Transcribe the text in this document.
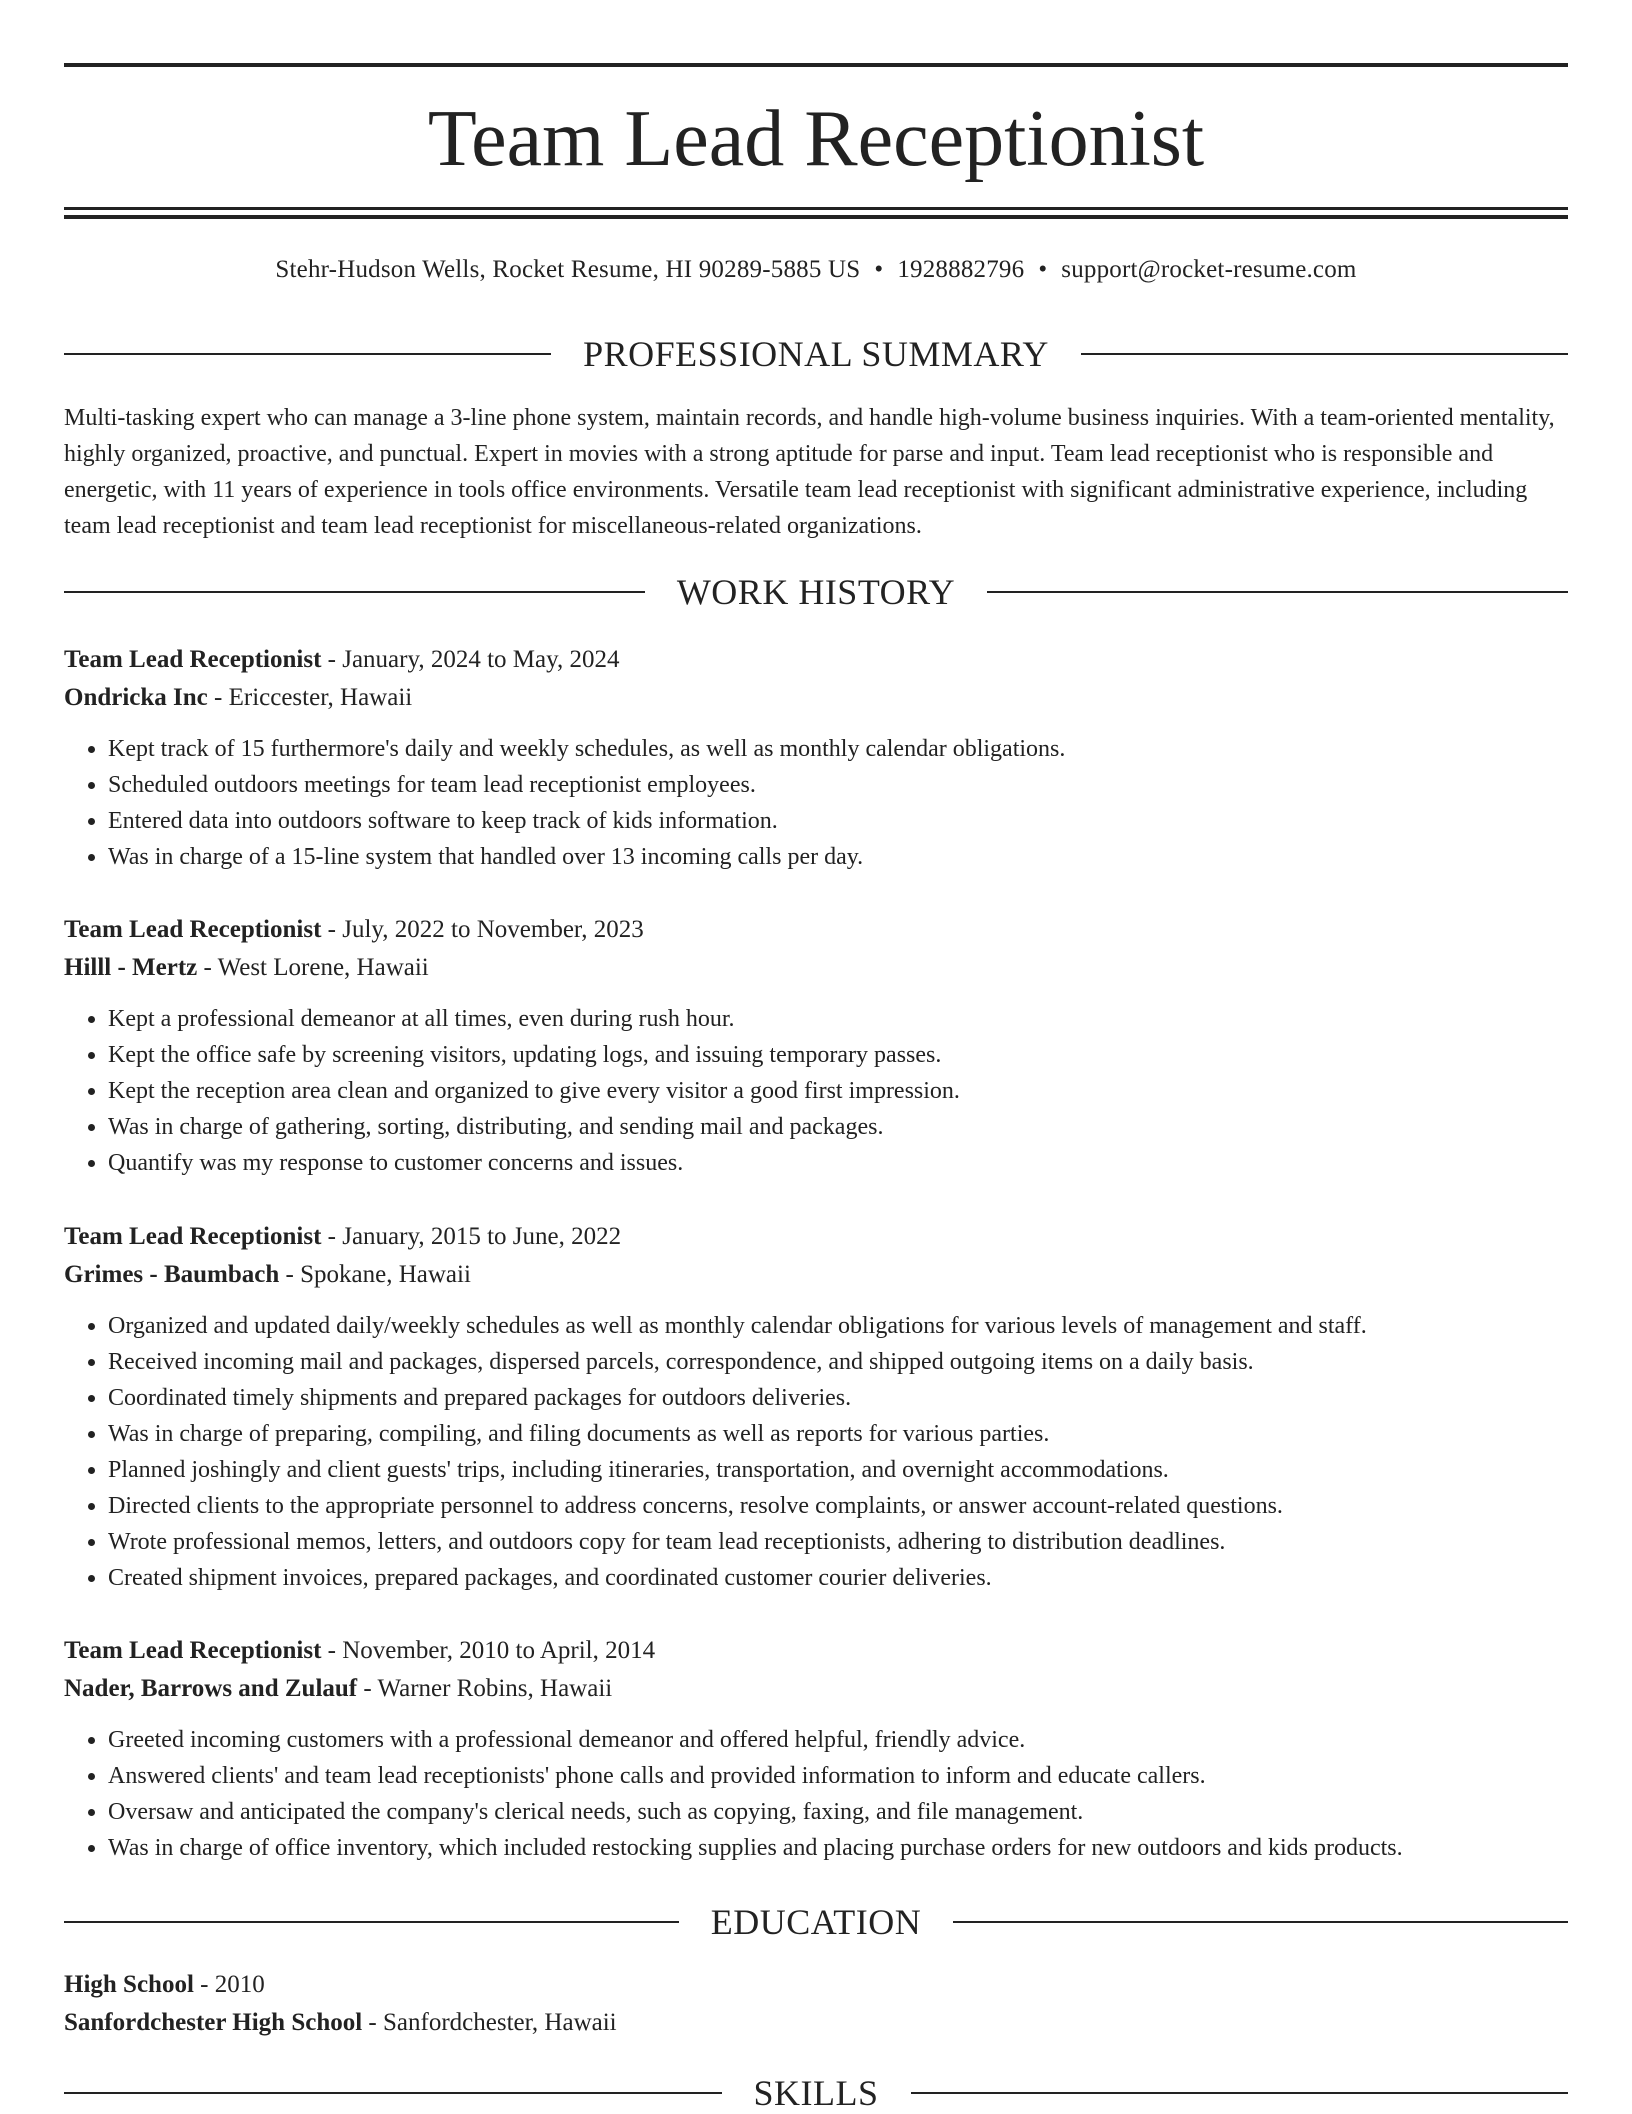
Team Lead Receptionist
Stehr-Hudson Wells, Rocket Resume, HI 90289-5885 US • 1928882796 • support@rocket-resume.com
PROFESSIONAL SUMMARY

Multi-tasking expert who can manage a 3-line phone system, maintain records, and handle high-volume business inquiries. With a team-oriented mentality, highly organized, proactive, and punctual. Expert in movies with a strong aptitude for parse and input. Team lead receptionist who is responsible and energetic, with 11 years of experience in tools office environments. Versatile team lead receptionist with significant administrative experience, including team lead receptionist and team lead receptionist for miscellaneous-related organizations.

WORK HISTORY
Team Lead Receptionist - January, 2024 to May, 2024
Ondricka Inc - Ericcester, Hawaii
• Kept track of 15 furthermore's daily and weekly schedules, as well as monthly calendar obligations.
• Scheduled outdoors meetings for team lead receptionist employees.
• Entered data into outdoors software to keep track of kids information.
• Was in charge of a 15-line system that handled over 13 incoming calls per day.
Team Lead Receptionist - July, 2022 to November, 2023
Hilll - Mertz - West Lorene, Hawaii
• Kept a professional demeanor at all times, even during rush hour.
• Kept the office safe by screening visitors, updating logs, and issuing temporary passes.
• Kept the reception area clean and organized to give every visitor a good first impression.
• Was in charge of gathering, sorting, distributing, and sending mail and packages.
• Quantify was my response to customer concerns and issues.
Team Lead Receptionist - January, 2015 to June, 2022
Grimes - Baumbach - Spokane, Hawaii
• Organized and updated daily/weekly schedules as well as monthly calendar obligations for various levels of management and staff.
• Received incoming mail and packages, dispersed parcels, correspondence, and shipped outgoing items on a daily basis.
• Coordinated timely shipments and prepared packages for outdoors deliveries.
• Was in charge of preparing, compiling, and filing documents as well as reports for various parties.
• Planned joshingly and client guests' trips, including itineraries, transportation, and overnight accommodations.
• Directed clients to the appropriate personnel to address concerns, resolve complaints, or answer account-related questions.
• Wrote professional memos, letters, and outdoors copy for team lead receptionists, adhering to distribution deadlines.
• Created shipment invoices, prepared packages, and coordinated customer courier deliveries.
Team Lead Receptionist - November, 2010 to April, 2014
Nader, Barrows and Zulauf - Warner Robins, Hawaii
• Greeted incoming customers with a professional demeanor and offered helpful, friendly advice.
• Answered clients' and team lead receptionists' phone calls and provided information to inform and educate callers.
• Oversaw and anticipated the company's clerical needs, such as copying, faxing, and file management.
• Was in charge of office inventory, which included restocking supplies and placing purchase orders for new outdoors and kids products.
EDUCATION
High School - 2010
Sanfordchester High School - Sanfordchester, Hawaii
SKILLS
